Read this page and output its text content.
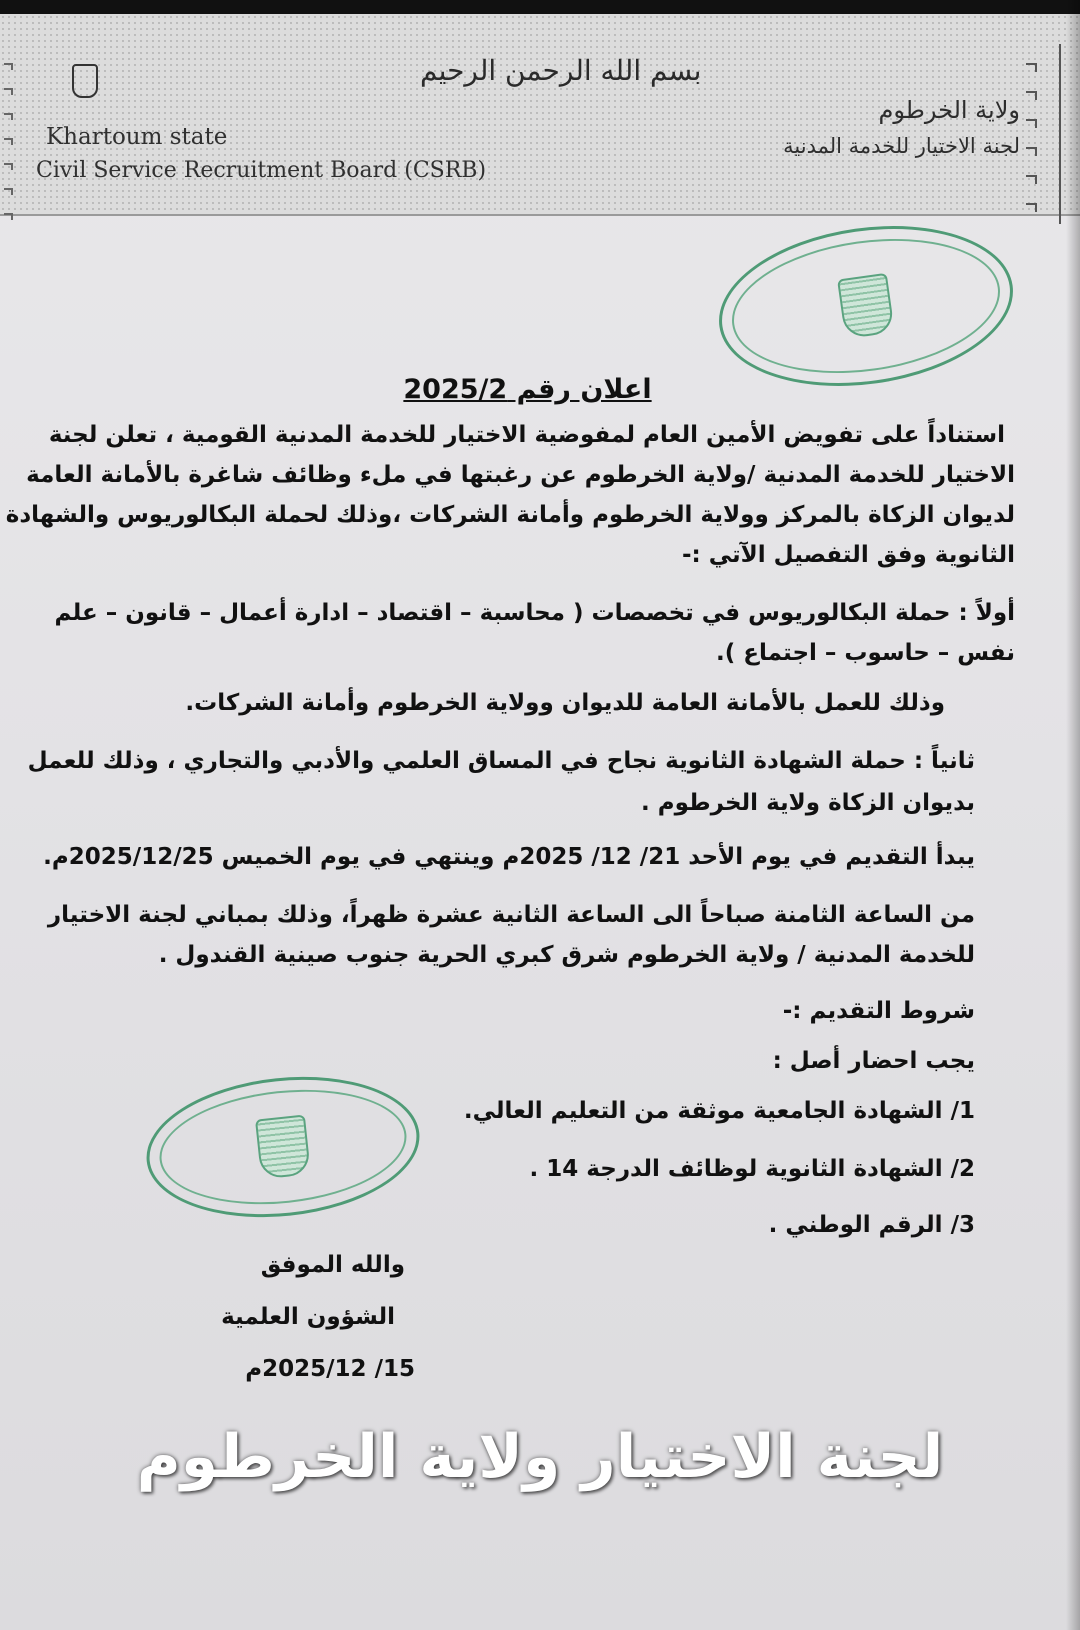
بسم الله الرحمن الرحيم
ولاية الخرطوم
لجنة الاختيار للخدمة المدنية
Khartoum state
Civil Service Recruitment Board (CSRB)
اعلان رقم 2025/2
استناداً على تفويض الأمين العام لمفوضية الاختيار للخدمة المدنية القومية ، تعلن لجنة
الاختيار للخدمة المدنية /ولاية الخرطوم عن رغبتها في ملء وظائف شاغرة بالأمانة العامة
لديوان الزكاة بالمركز وولاية الخرطوم وأمانة الشركات ،وذلك لحملة البكالوريوس والشهادة
الثانوية وفق التفصيل الآتي :-
أولاً : حملة البكالوريوس في تخصصات ( محاسبة – اقتصاد – ادارة أعمال – قانون – علم
نفس – حاسوب – اجتماع ).
وذلك للعمل بالأمانة العامة للديوان وولاية الخرطوم وأمانة الشركات.
ثانياً : حملة الشهادة الثانوية نجاح في المساق العلمي والأدبي والتجاري ، وذلك للعمل
بديوان الزكاة ولاية الخرطوم .
يبدأ التقديم في يوم الأحد 21/ 12/ 2025م وينتهي في يوم الخميس 2025/12/25م.
من الساعة الثامنة صباحاً الى الساعة الثانية عشرة ظهراً، وذلك بمباني لجنة الاختيار
للخدمة المدنية / ولاية الخرطوم شرق كبري الحرية جنوب صينية القندول .
شروط التقديم :-
يجب احضار أصل :
1/ الشهادة الجامعية موثقة من التعليم العالي.
2/ الشهادة الثانوية لوظائف الدرجة 14 .
3/ الرقم الوطني .
والله الموفق
الشؤون العلمية
15/ 2025/12م
لجنة الاختيار ولاية الخرطوم
